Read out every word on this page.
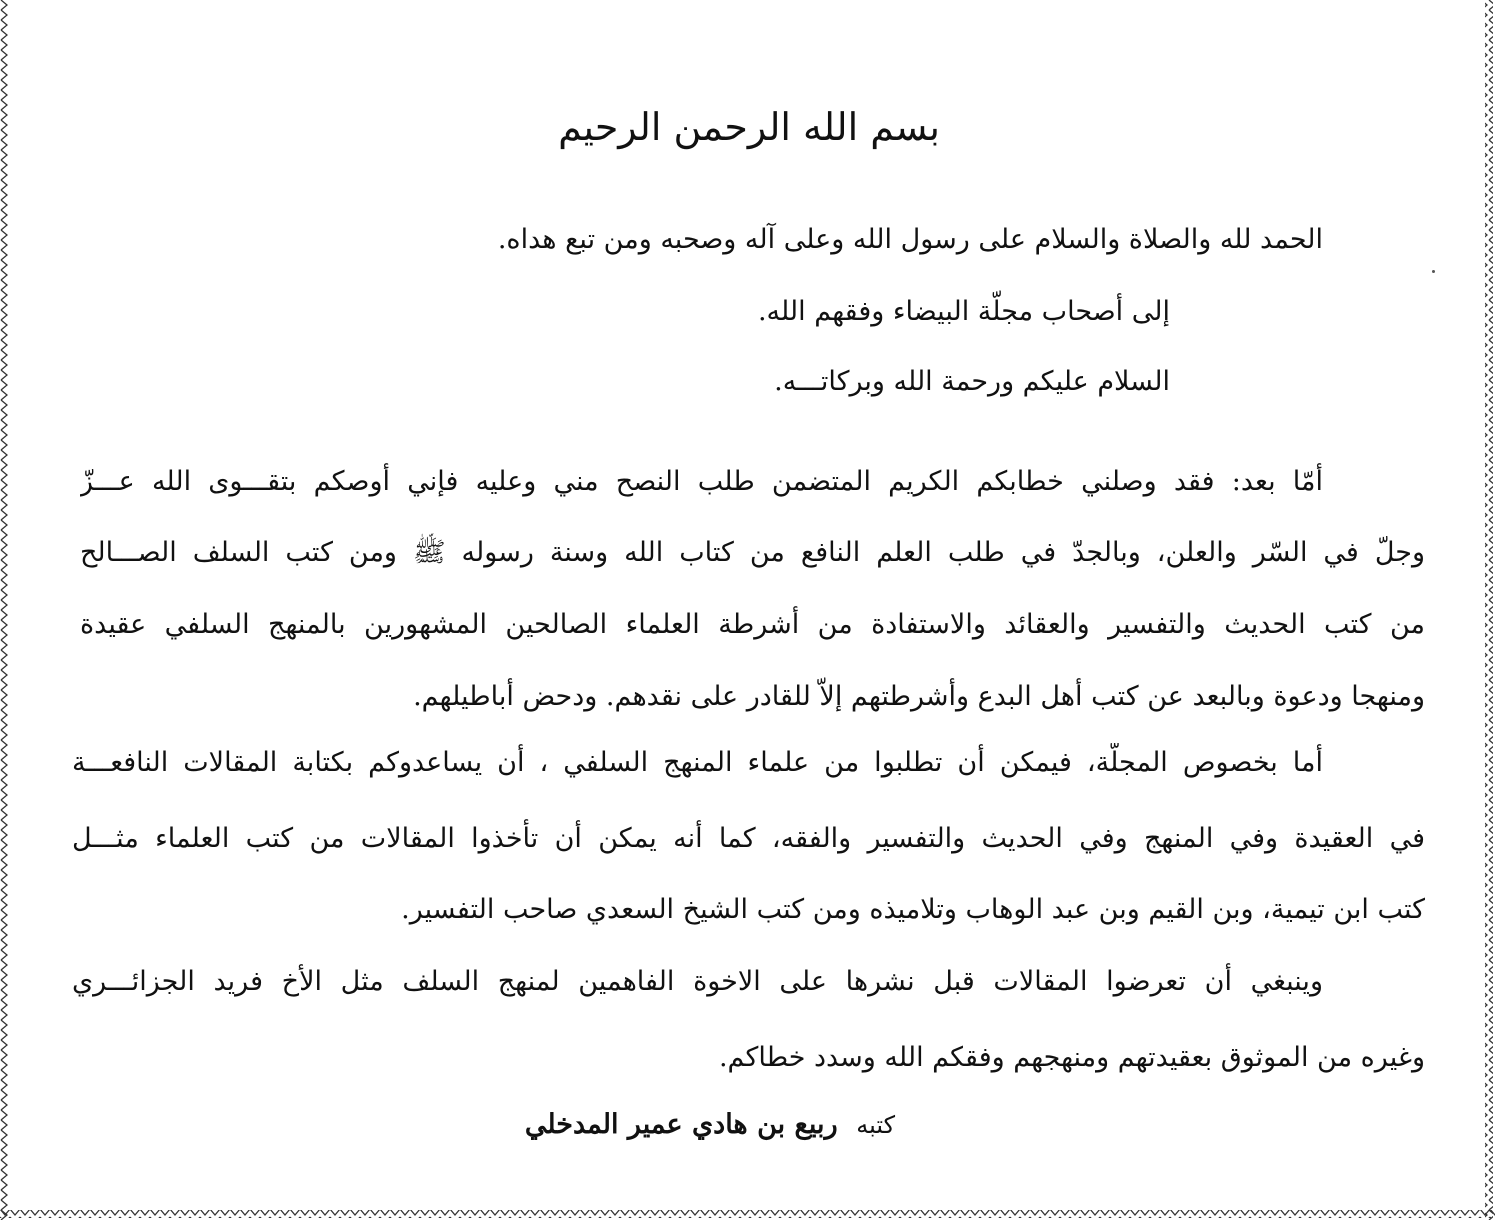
بسم الله الرحمن الرحيم
الحمد لله والصلاة والسلام على رسول الله وعلى آله وصحبه ومن تبع هداه.
إلى أصحاب مجلّة البيضاء وفقهم الله.
السلام عليكم ورحمة الله وبركاتـــه.
أمّا بعد: فقد وصلني خطابكم الكريم المتضمن طلب النصح مني وعليه فإني أوصكم بتقـــوى الله عـــزّ
وجلّ في السّر والعلن، وبالجدّ في طلب العلم النافع من كتاب الله وسنة رسوله ﷺ ومن كتب السلف الصـــالح
من كتب الحديث والتفسير والعقائد والاستفادة من أشرطة العلماء الصالحين المشهورين بالمنهج السلفي عقيدة
ومنهجا ودعوة وبالبعد عن كتب أهل البدع وأشرطتهم إلاّ للقادر على نقدهم. ودحض أباطيلهم.
أما بخصوص المجلّة، فيمكن أن تطلبوا من علماء المنهج السلفي ، أن يساعدوكم بكتابة المقالات النافعـــة
في العقيدة وفي المنهج وفي الحديث والتفسير والفقه، كما أنه يمكن أن تأخذوا المقالات من كتب العلماء مثـــل
كتب ابن تيمية، وبن القيم وبن عبد الوهاب وتلاميذه ومن كتب الشيخ السعدي صاحب التفسير.
وينبغي أن تعرضوا المقالات قبل نشرها على الاخوة الفاهمين لمنهج السلف مثل الأخ فريد الجزائـــري
وغيره من الموثوق بعقيدتهم ومنهجهم وفقكم الله وسدد خطاكم.
كتبه ربيع بن هادي عمير المدخلي
